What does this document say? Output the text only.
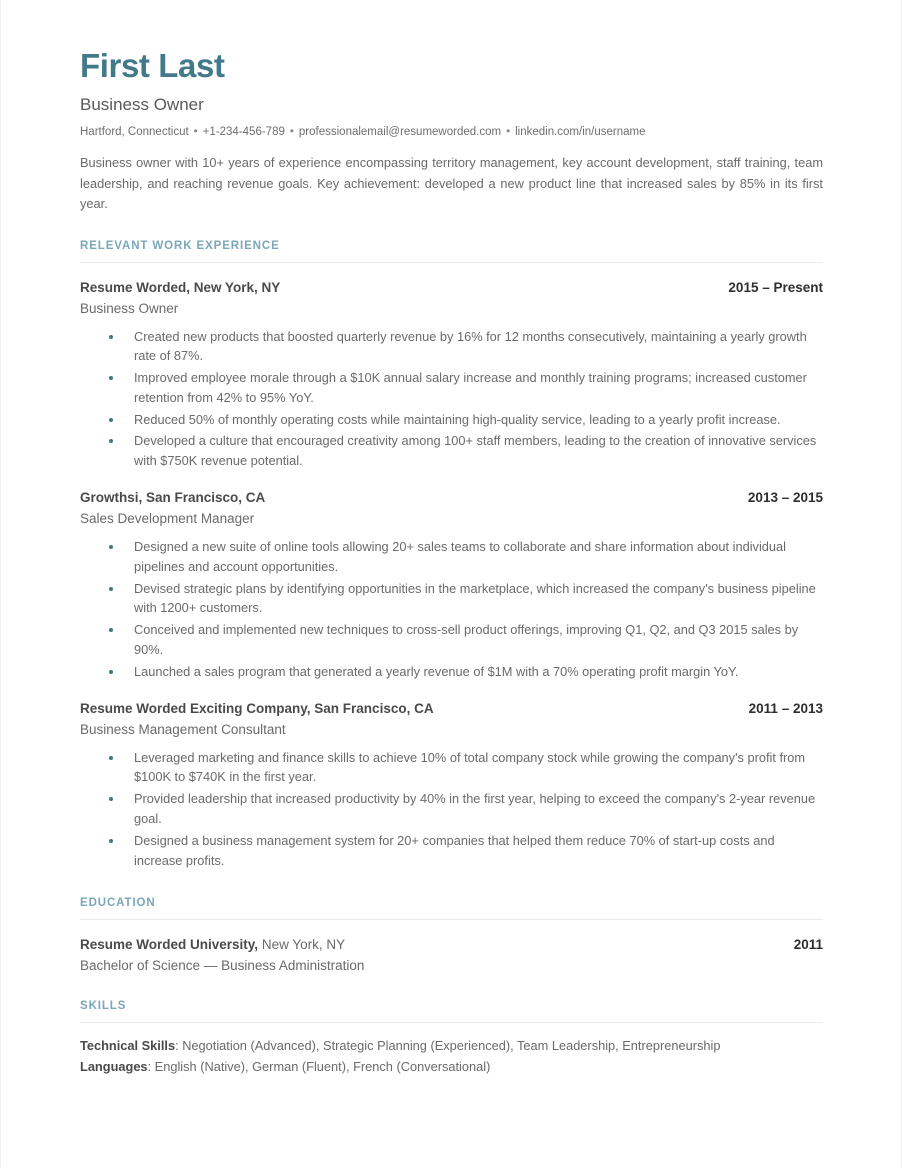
First Last
Business Owner
Hartford, Connecticut • +1-234-456-789 • professionalemail@resumeworded.com • linkedin.com/in/username
Business owner with 10+ years of experience encompassing territory management, key account development, staff training, team leadership, and reaching revenue goals. Key achievement: developed a new product line that increased sales by 85% in its first year.
RELEVANT WORK EXPERIENCE
Resume Worded, New York, NY	2015 – Present
Business Owner
Created new products that boosted quarterly revenue by 16% for 12 months consecutively, maintaining a yearly growth rate of 87%.
Improved employee morale through a $10K annual salary increase and monthly training programs; increased customer retention from 42% to 95% YoY.
Reduced 50% of monthly operating costs while maintaining high-quality service, leading to a yearly profit increase.
Developed a culture that encouraged creativity among 100+ staff members, leading to the creation of innovative services with $750K revenue potential.
Growthsi, San Francisco, CA	2013 – 2015
Sales Development Manager
Designed a new suite of online tools allowing 20+ sales teams to collaborate and share information about individual pipelines and account opportunities.
Devised strategic plans by identifying opportunities in the marketplace, which increased the company's business pipeline with 1200+ customers.
Conceived and implemented new techniques to cross-sell product offerings, improving Q1, Q2, and Q3 2015 sales by 90%.
Launched a sales program that generated a yearly revenue of $1M with a 70% operating profit margin YoY.
Resume Worded Exciting Company, San Francisco, CA	2011 – 2013
Business Management Consultant
Leveraged marketing and finance skills to achieve 10% of total company stock while growing the company's profit from $100K to $740K in the first year.
Provided leadership that increased productivity by 40% in the first year, helping to exceed the company's 2-year revenue goal.
Designed a business management system for 20+ companies that helped them reduce 70% of start-up costs and increase profits.
EDUCATION
Resume Worded University, New York, NY	2011
Bachelor of Science — Business Administration
SKILLS
Technical Skills: Negotiation (Advanced), Strategic Planning (Experienced), Team Leadership, Entrepreneurship
Languages: English (Native), German (Fluent), French (Conversational)
